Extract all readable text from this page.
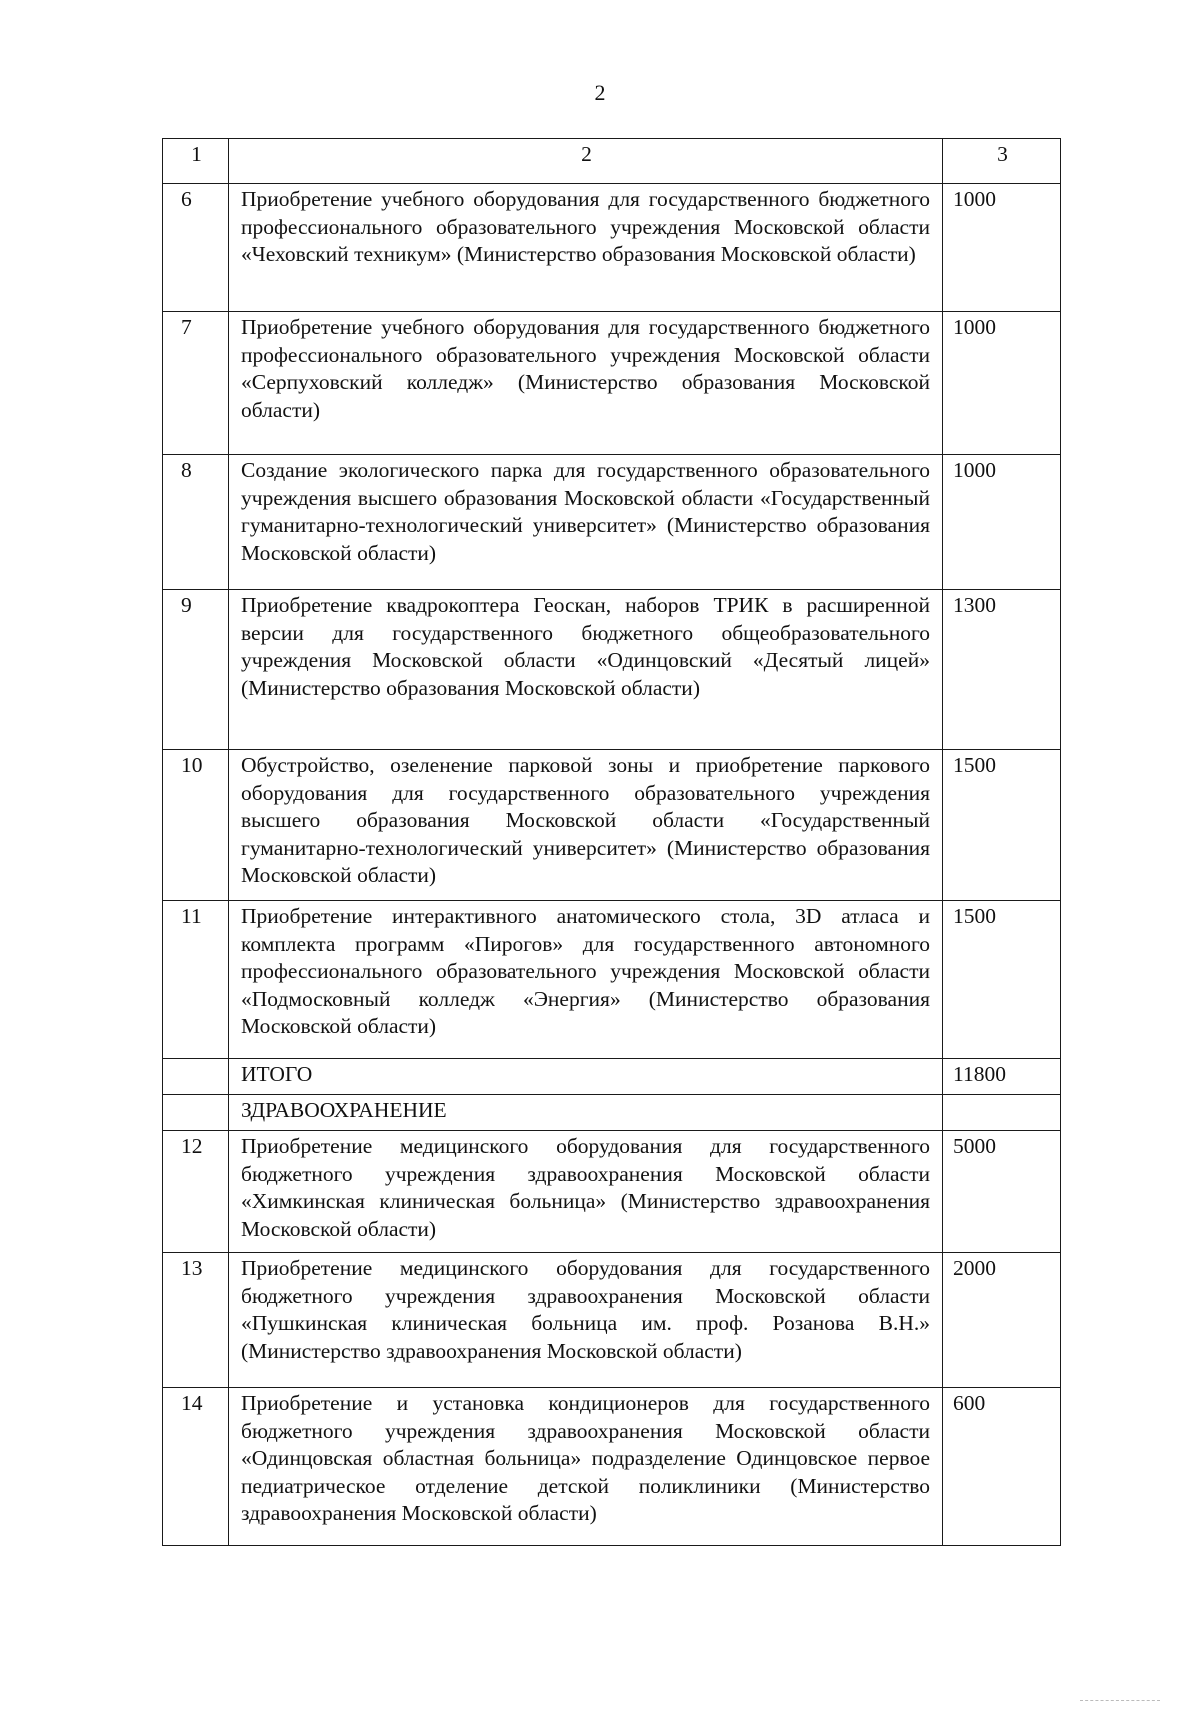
2
1	2	3
6	Приобретение учебного оборудования для государственного бюджетного профессионального образовательного учреждения Московской области «Чеховский техникум» (Министерство образования Московской области)	1000
7	Приобретение учебного оборудования для государственного бюджетного профессионального образовательного учреждения Московской области «Серпуховский колледж» (Министерство образования Московской области)	1000
8	Создание экологического парка для государственного образовательного учреждения высшего образования Московской области «Государственный гуманитарно-технологический университет» (Министерство образования Московской области)	1000
9	Приобретение квадрокоптера Геоскан, наборов ТРИК в расширенной версии для государственного бюджетного общеобразовательного учреждения Московской области «Одинцовский «Десятый лицей» (Министерство образования Московской области)	1300
10	Обустройство, озеленение парковой зоны и приобретение паркового оборудования для государственного образовательного учреждения высшего образования Московской области «Государственный гуманитарно-технологический университет» (Министерство образования Московской области)	1500
11	Приобретение интерактивного анатомического стола, 3D атласа и комплекта программ «Пирогов» для государственного автономного профессионального образовательного учреждения Московской области «Подмосковный колледж «Энергия» (Министерство образования Московской области)	1500
	ИТОГО	11800
	ЗДРАВООХРАНЕНИЕ	
12	Приобретение медицинского оборудования для государственного бюджетного учреждения здравоохранения Московской области «Химкинская клиническая больница» (Министерство здравоохранения Московской области)	5000
13	Приобретение медицинского оборудования для государственного бюджетного учреждения здравоохранения Московской области «Пушкинская клиническая больница им. проф. Розанова В.Н.» (Министерство здравоохранения Московской области)	2000
14	Приобретение и установка кондиционеров для государственного бюджетного учреждения здравоохранения Московской области «Одинцовская областная больница» подразделение Одинцовское первое педиатрическое отделение детской поликлиники (Министерство здравоохранения Московской области)	600
